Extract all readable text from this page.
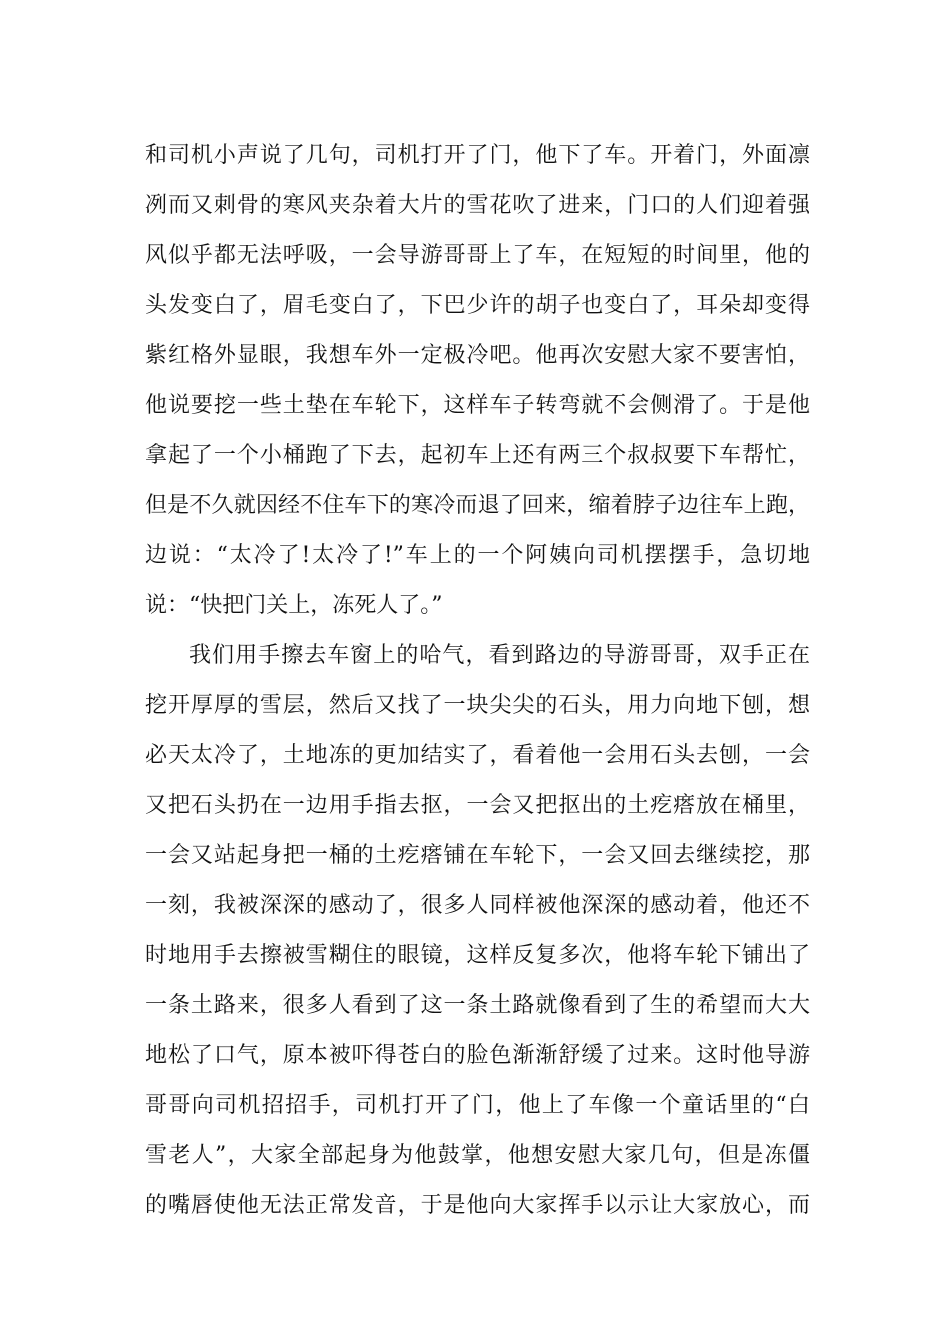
和司机小声说了几句，司机打开了门，他下了车。开着门，外面凛
冽而又刺骨的寒风夹杂着大片的雪花吹了进来，门口的人们迎着强
风似乎都无法呼吸，一会导游哥哥上了车，在短短的时间里，他的
头发变白了，眉毛变白了，下巴少许的胡子也变白了，耳朵却变得
紫红格外显眼，我想车外一定极冷吧。他再次安慰大家不要害怕，
他说要挖一些土垫在车轮下，这样车子转弯就不会侧滑了。于是他
拿起了一个小桶跑了下去，起初车上还有两三个叔叔要下车帮忙，
但是不久就因经不住车下的寒冷而退了回来，缩着脖子边往车上跑，
边说：“太冷了!太冷了!”车上的一个阿姨向司机摆摆手，急切地
说：“快把门关上，冻死人了。”
我们用手擦去车窗上的哈气，看到路边的导游哥哥，双手正在
挖开厚厚的雪层，然后又找了一块尖尖的石头，用力向地下刨，想
必天太冷了，土地冻的更加结实了，看着他一会用石头去刨，一会
又把石头扔在一边用手指去抠，一会又把抠出的土疙瘩放在桶里，
一会又站起身把一桶的土疙瘩铺在车轮下，一会又回去继续挖，那
一刻，我被深深的感动了，很多人同样被他深深的感动着，他还不
时地用手去擦被雪糊住的眼镜，这样反复多次，他将车轮下铺出了
一条土路来，很多人看到了这一条土路就像看到了生的希望而大大
地松了口气，原本被吓得苍白的脸色渐渐舒缓了过来。这时他导游
哥哥向司机招招手，司机打开了门，他上了车像一个童话里的“白
雪老人”，大家全部起身为他鼓掌，他想安慰大家几句，但是冻僵
的嘴唇使他无法正常发音，于是他向大家挥手以示让大家放心，而
